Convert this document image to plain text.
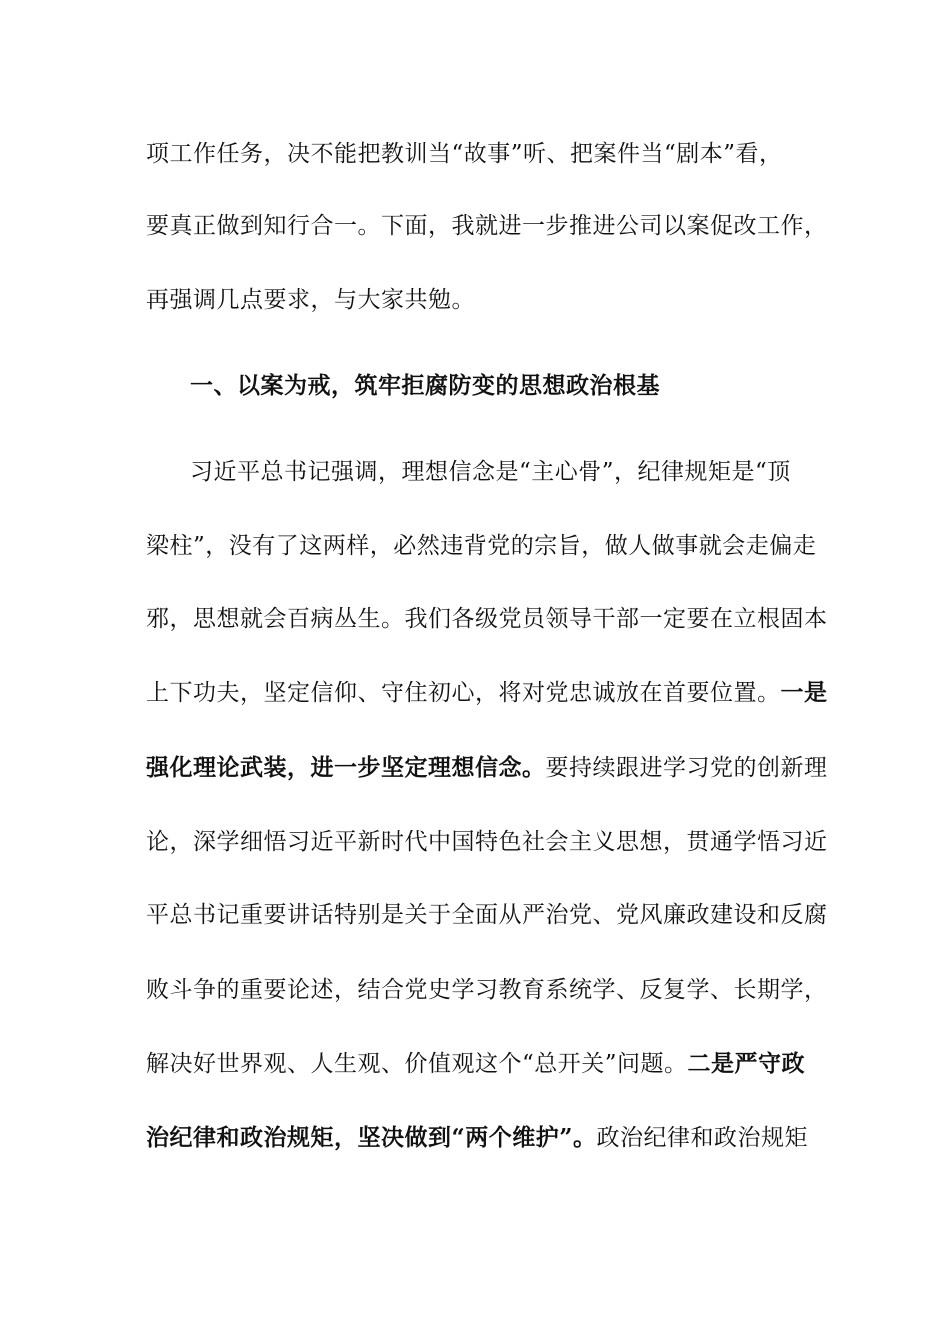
项工作任务，决不能把教训当“故事”听、把案件当“剧本”看，
要真正做到知行合一。下面，我就进一步推进公司以案促改工作，
再强调几点要求，与大家共勉。
一、以案为戒，筑牢拒腐防变的思想政治根基
习近平总书记强调，理想信念是“主心骨”，纪律规矩是“顶
梁柱”，没有了这两样，必然违背党的宗旨，做人做事就会走偏走
邪，思想就会百病丛生。我们各级党员领导干部一定要在立根固本
上下功夫，坚定信仰、守住初心，将对党忠诚放在首要位置。一是
强化理论武装，进一步坚定理想信念。要持续跟进学习党的创新理
论，深学细悟习近平新时代中国特色社会主义思想，贯通学悟习近
平总书记重要讲话特别是关于全面从严治党、党风廉政建设和反腐
败斗争的重要论述，结合党史学习教育系统学、反复学、长期学，
解决好世界观、人生观、价值观这个“总开关”问题。二是严守政
治纪律和政治规矩，坚决做到“两个维护”。政治纪律和政治规矩
